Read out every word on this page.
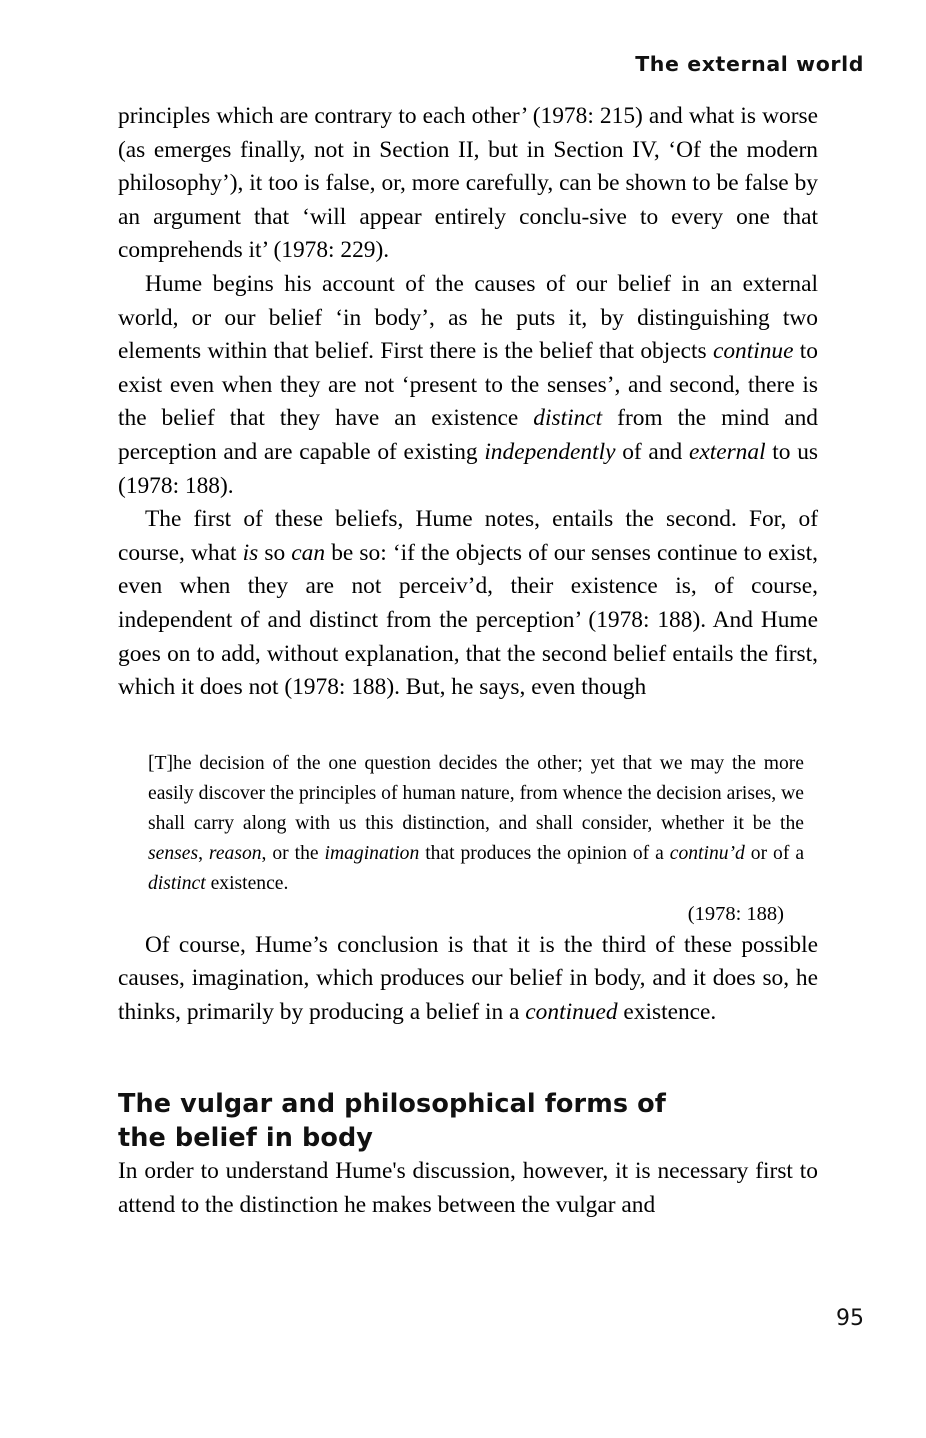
The external world

principles which are contrary to each other’ (1978: 215) and what is worse (as emerges finally, not in Section II, but in Section IV, ‘Of the modern philosophy’), it too is false, or, more carefully, can be shown to be false by an argument that ‘will appear entirely conclu-sive to every one that comprehends it’ (1978: 229).

Hume begins his account of the causes of our belief in an external world, or our belief ‘in body’, as he puts it, by distinguishing two elements within that belief. First there is the belief that objects continue to exist even when they are not ‘present to the senses’, and second, there is the belief that they have an existence distinct from the mind and perception and are capable of existing independently of and external to us (1978: 188).

The first of these beliefs, Hume notes, entails the second. For, of course, what is so can be so: ‘if the objects of our senses continue to exist, even when they are not perceiv’d, their existence is, of course, independent of and distinct from the perception’ (1978: 188). And Hume goes on to add, without explanation, that the second belief entails the first, which it does not (1978: 188). But, he says, even though

[T]he decision of the one question decides the other; yet that we may the more easily discover the principles of human nature, from whence the decision arises, we shall carry along with us this distinction, and shall consider, whether it be the senses, reason, or the imagination that produces the opinion of a continu’d or of a distinct existence.

(1978: 188)

Of course, Hume’s conclusion is that it is the third of these possible causes, imagination, which produces our belief in body, and it does so, he thinks, primarily by producing a belief in a continued existence.

The vulgar and philosophical forms of
the belief in body

In order to understand Hume's discussion, however, it is necessary first to attend to the distinction he makes between the vulgar and

95
